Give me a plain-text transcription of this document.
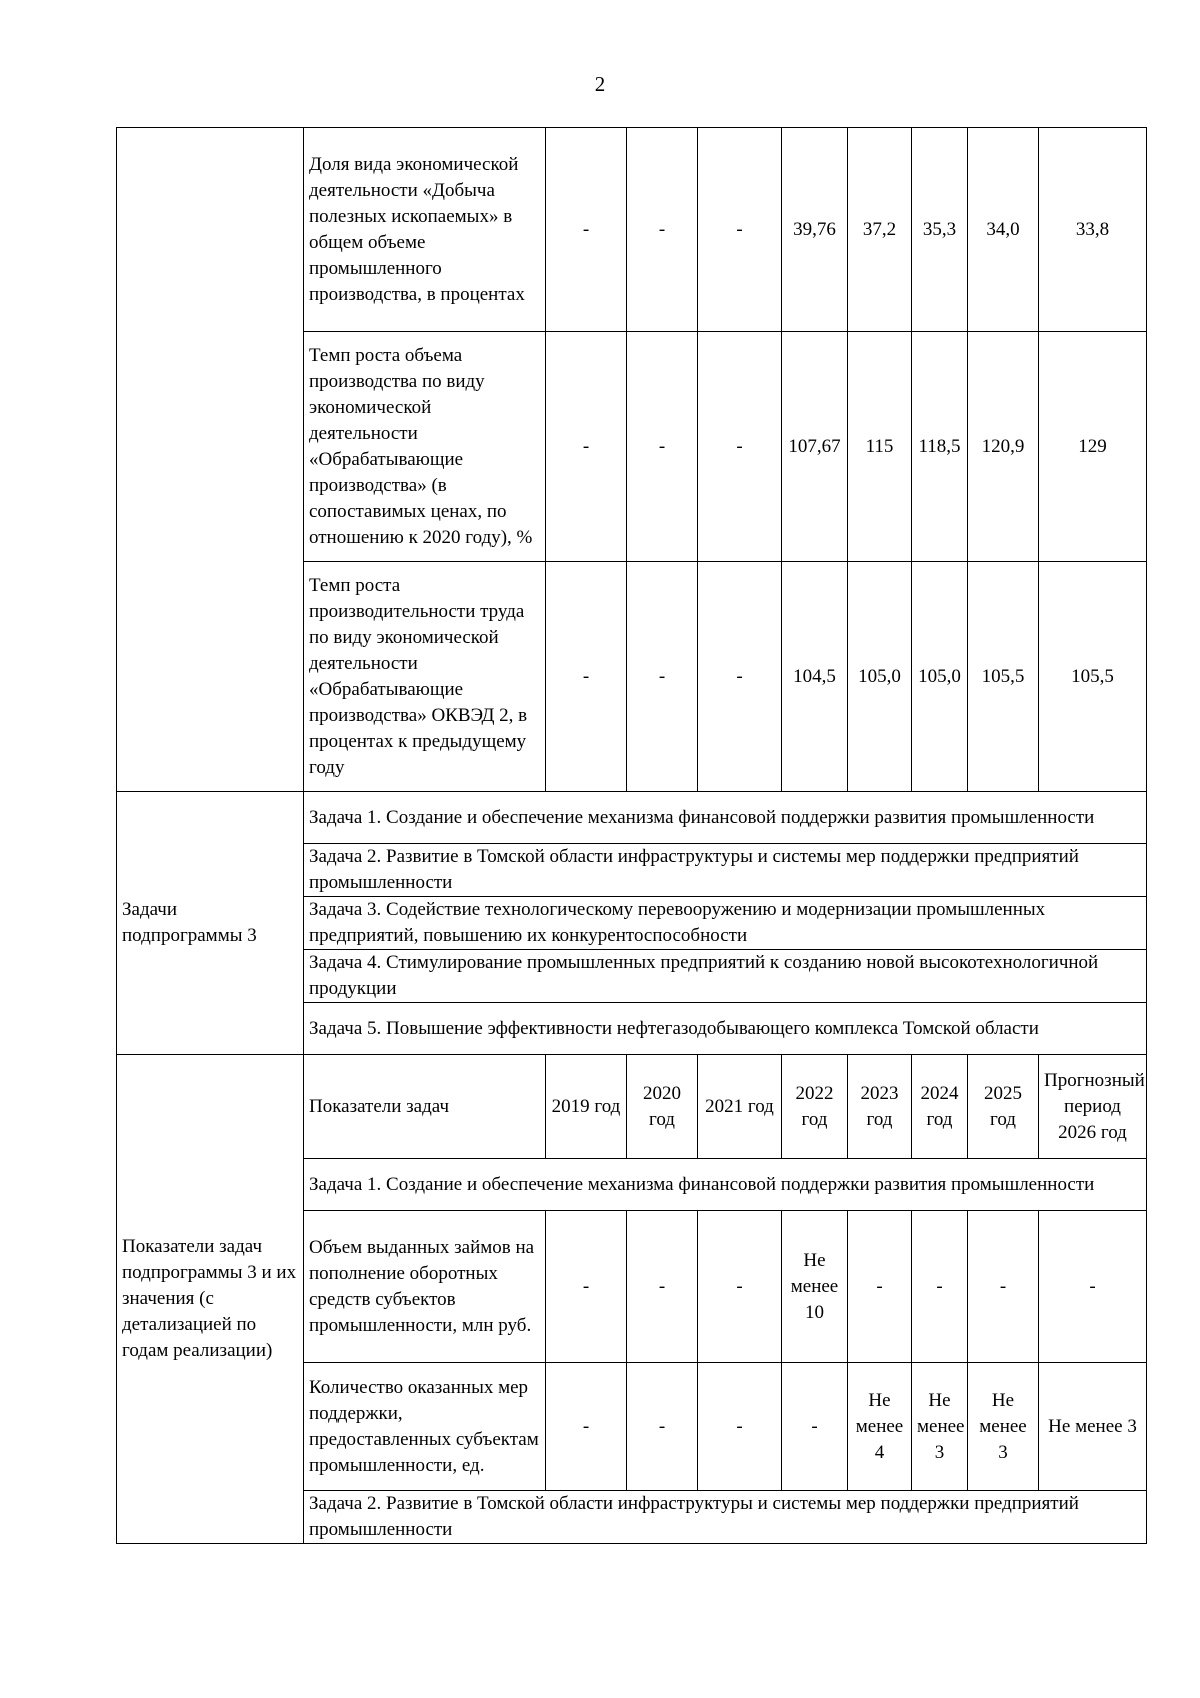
2
	Доля вида экономической деятельности «Добыча полезных ископаемых» в общем объеме промышленного производства, в процентах	-	-	-	39,76	37,2	35,3	34,0	33,8
	Темп роста объема производства по виду экономической деятельности «Обрабатывающие производства» (в сопоставимых ценах, по отношению к 2020 году), %	-	-	-	107,67	115	118,5	120,9	129
	Темп роста производительности труда по виду экономической деятельности «Обрабатывающие производства» ОКВЭД 2, в процентах к предыдущему году	-	-	-	104,5	105,0	105,0	105,5	105,5
Задачи подпрограммы 3	Задача 1. Создание и обеспечение механизма финансовой поддержки развития промышленности								
	Задача 2. Развитие в Томской области инфраструктуры и системы мер поддержки предприятий промышленности								
	Задача 3. Содействие технологическому перевооружению и модернизации промышленных предприятий, повышению их конкурентоспособности								
	Задача 4. Стимулирование промышленных предприятий к созданию новой высокотехнологичной продукции								
	Задача 5. Повышение эффективности нефтегазодобывающего комплекса Томской области								
Показатели задач подпрограммы 3 и их значения (с детализацией по годам реализации)	Показатели задач	2019 год	2020 год	2021 год	2022 год	2023 год	2024 год	2025 год	Прогнозный период 2026 год
	Задача 1. Создание и обеспечение механизма финансовой поддержки развития промышленности								
	Объем выданных займов на пополнение оборотных средств субъектов промышленности, млн руб.	-	-	-	Не менее 10	-	-	-	-
	Количество оказанных мер поддержки, предоставленных субъектам промышленности, ед.	-	-	-	-	Не менее 4	Не менее 3	Не менее 3	Не менее 3
	Задача 2. Развитие в Томской области инфраструктуры и системы мер поддержки предприятий промышленности								
